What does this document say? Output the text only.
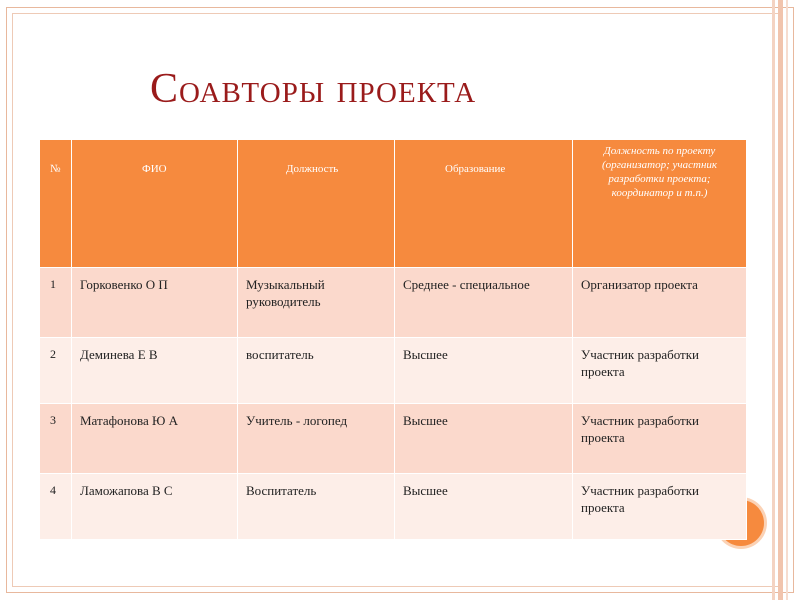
Соавторы проекта
№	ФИО	Должность	Образование	Должность по проекту (организатор; участник разработки проекта; координатор и т.п.)
1	Горковенко О П	Музыкальный руководитель	Среднее - специальное	Организатор проекта
2	Деминева Е В	воспитатель	Высшее	Участник разработки проекта
3	Матафонова Ю А	Учитель - логопед	Высшее	Участник разработки проекта
4	Ламожапова В С	Воспитатель	Высшее	Участник разработки проекта
